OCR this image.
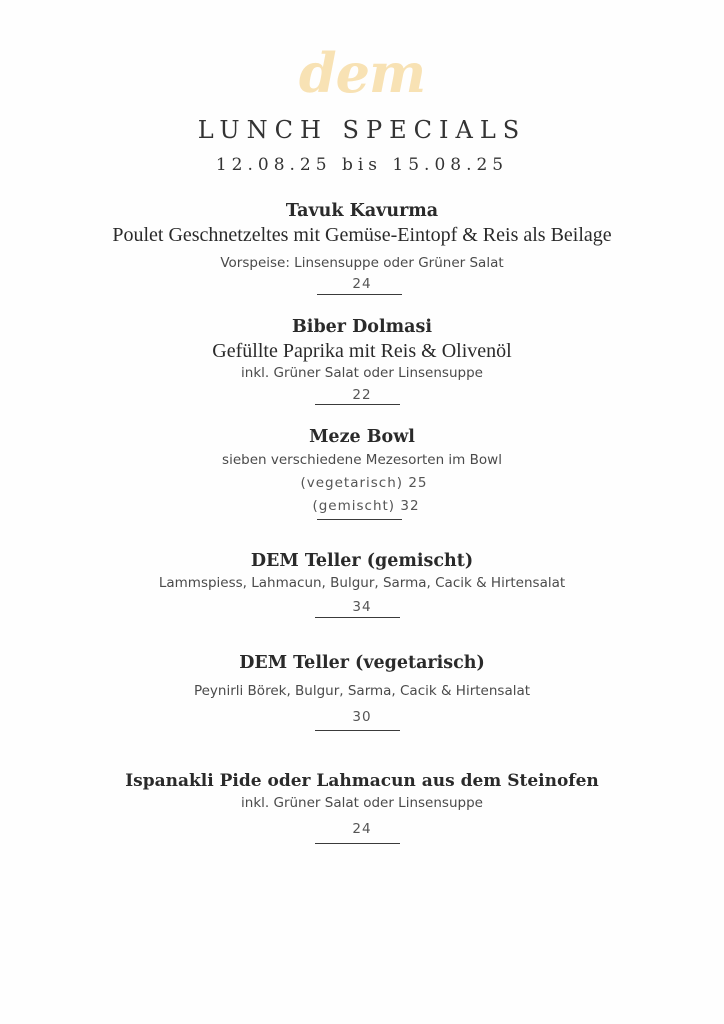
dem
LUNCH SPECIALS
12.08.25 bis 15.08.25
Tavuk Kavurma
Poulet Geschnetzeltes mit Gemüse-Eintopf & Reis als Beilage
Vorspeise: Linsensuppe oder Grüner Salat
24
Biber Dolmasi
Gefüllte Paprika mit Reis & Olivenöl
inkl. Grüner Salat oder Linsensuppe
22
Meze Bowl
sieben verschiedene Mezesorten im Bowl
(vegetarisch) 25
(gemischt) 32
DEM Teller (gemischt)
Lammspiess, Lahmacun, Bulgur, Sarma, Cacik & Hirtensalat
34
DEM Teller (vegetarisch)
Peynirli Börek, Bulgur, Sarma, Cacik & Hirtensalat
30
Ispanakli Pide oder Lahmacun aus dem Steinofen
inkl. Grüner Salat oder Linsensuppe
24
